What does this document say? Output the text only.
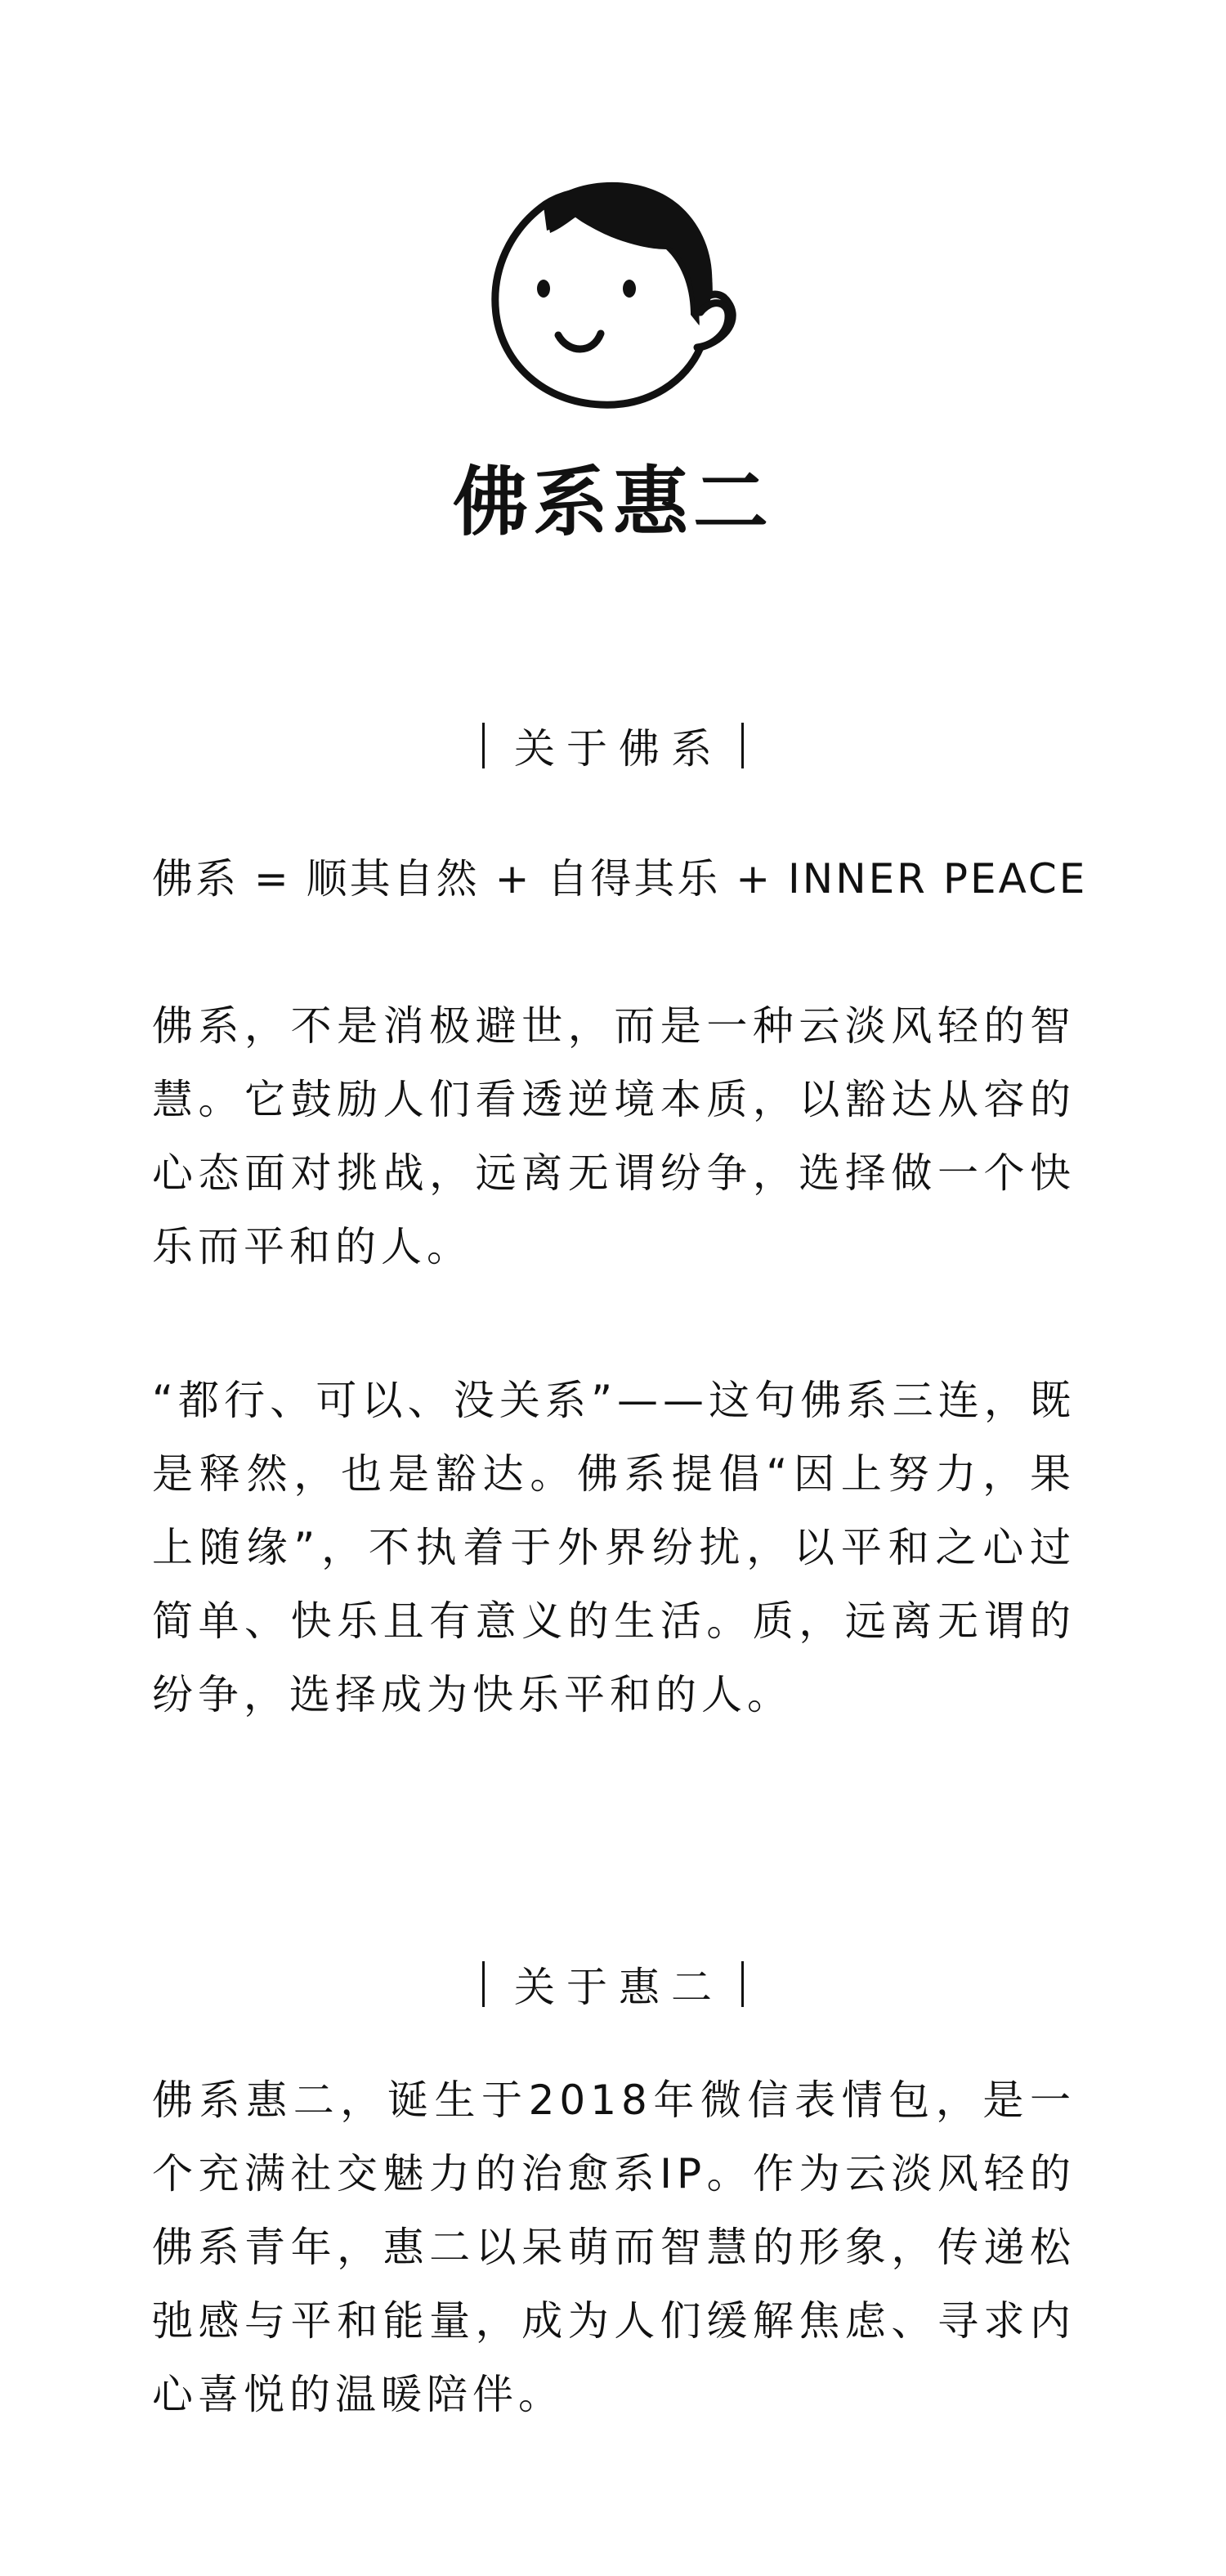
佛系惠二
关于佛系
佛系 = 顺其自然 + 自得其乐 + INNER PEACE
佛系，不是消极避世，而是一种云淡风轻的智慧。它鼓励人们看透逆境本质，以豁达从容的心态面对挑战，远离无谓纷争，选择做一个快乐而平和的人。
“都行、可以、没关系”——这句佛系三连，既是释然，也是豁达。佛系提倡“因上努力，果上随缘”，不执着于外界纷扰，以平和之心过简单、快乐且有意义的生活。质，远离无谓的纷争，选择成为快乐平和的人。
关于惠二
佛系惠二，诞生于2018年微信表情包，是一个充满社交魅力的治愈系IP。作为云淡风轻的佛系青年，惠二以呆萌而智慧的形象，传递松弛感与平和能量，成为人们缓解焦虑、寻求内心喜悦的温暖陪伴。
